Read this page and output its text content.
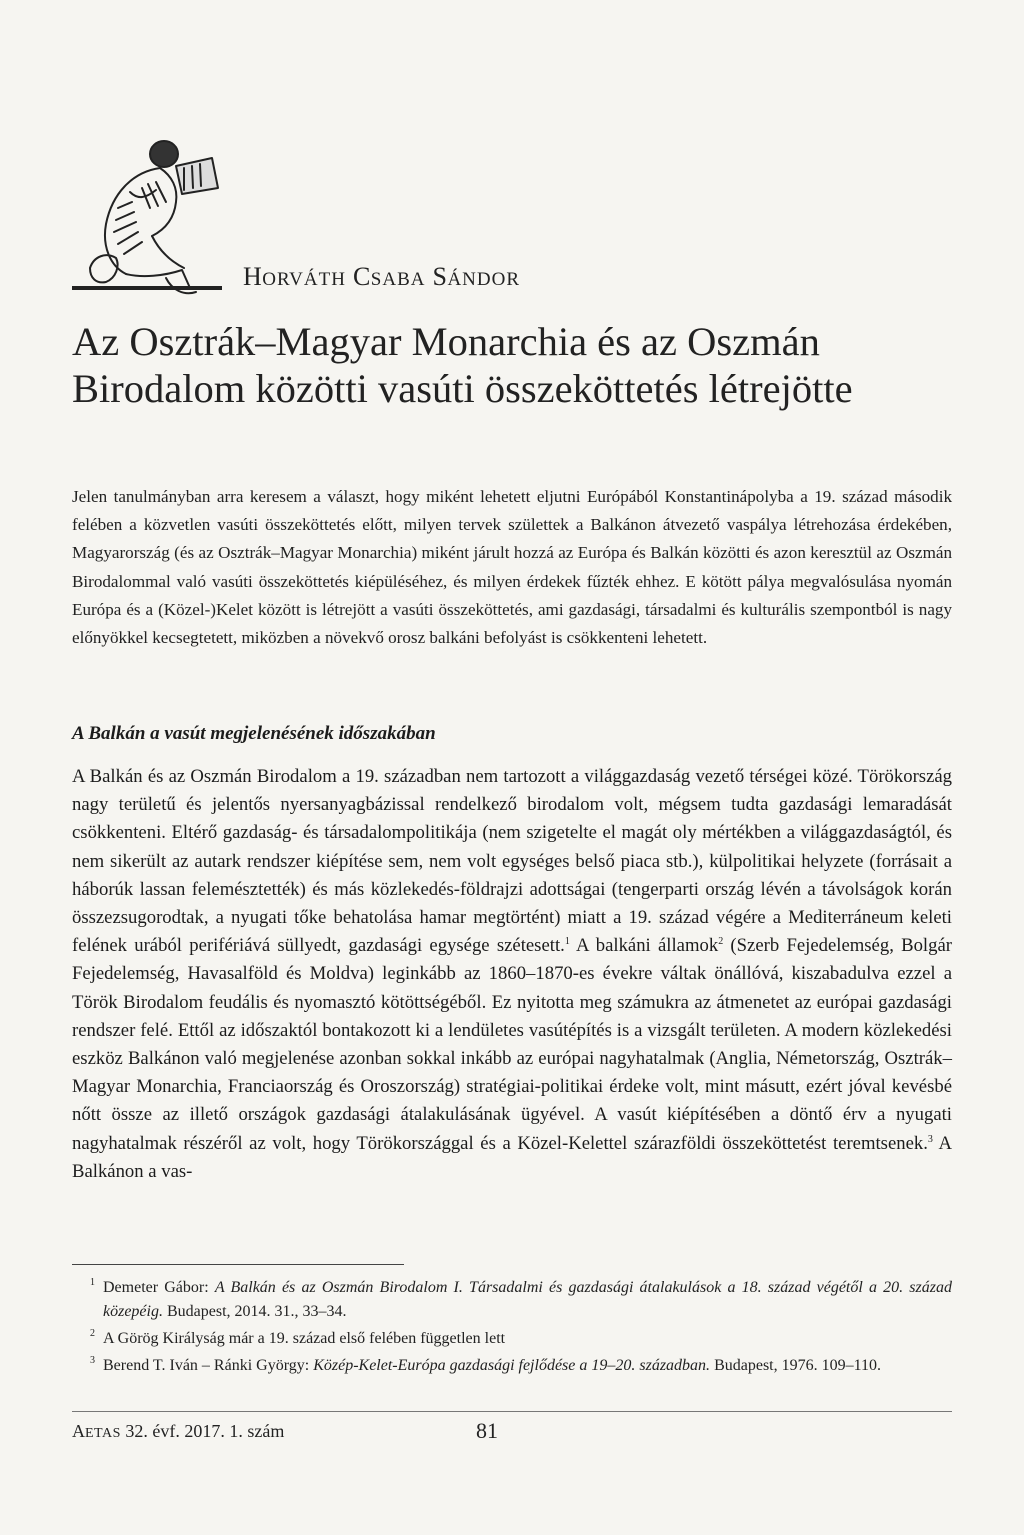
HORVÁTH CSABA SÁNDOR
Az Osztrák–Magyar Monarchia és az Oszmán Birodalom közötti vasúti összeköttetés létrejötte

Jelen tanulmányban arra keresem a választ, hogy miként lehetett eljutni Európából Konstantinápolyba a 19. század második felében a közvetlen vasúti összeköttetés előtt, milyen tervek születtek a Balkánon átvezető vaspálya létrehozása érdekében, Magyarország (és az Osztrák–Magyar Monarchia) miként járult hozzá az Európa és Balkán közötti és azon keresztül az Oszmán Birodalommal való vasúti összeköttetés kiépüléséhez, és milyen érdekek fűzték ehhez. E kötött pálya megvalósulása nyomán Európa és a (Közel-)Kelet között is létrejött a vasúti összeköttetés, ami gazdasági, társadalmi és kulturális szempontból is nagy előnyökkel kecsegtetett, miközben a növekvő orosz balkáni befolyást is csökkenteni lehetett.

A Balkán a vasút megjelenésének időszakában

A Balkán és az Oszmán Birodalom a 19. században nem tartozott a világgazdaság vezető térségei közé. Törökország nagy területű és jelentős nyersanyagbázissal rendelkező birodalom volt, mégsem tudta gazdasági lemaradását csökkenteni. Eltérő gazdaság- és társadalompolitikája (nem szigetelte el magát oly mértékben a világgazdaságtól, és nem sikerült az autark rendszer kiépítése sem, nem volt egységes belső piaca stb.), külpolitikai helyzete (forrásait a háborúk lassan felemésztették) és más közlekedés-földrajzi adottságai (tengerparti ország lévén a távolságok korán összezsugorodtak, a nyugati tőke behatolása hamar megtörtént) miatt a 19. század végére a Mediterráneum keleti felének urából perifériává süllyedt, gazdasági egysége szétesett.$^1$ A balkáni államok$^2$ (Szerb Fejedelemség, Bolgár Fejedelemség, Havasalföld és Moldva) leginkább az 1860–1870-es évekre váltak önállóvá, kiszabadulva ezzel a Török Birodalom feudális és nyomasztó kötöttségéből. Ez nyitotta meg számukra az átmenetet az európai gazdasági rendszer felé. Ettől az időszaktól bontakozott ki a lendületes vasútépítés is a vizsgált területen. A modern közlekedési eszköz Balkánon való megjelenése azonban sokkal inkább az európai nagyhatalmak (Anglia, Németország, Osztrák–Magyar Monarchia, Franciaország és Oroszország) stratégiai-politikai érdeke volt, mint másutt, ezért jóval kevésbé nőtt össze az illető országok gazdasági átalakulásának ügyével. A vasút kiépítésében a döntő érv a nyugati nagyhatalmak részéről az volt, hogy Törökországgal és a Közel-Kelettel szárazföldi összeköttetést teremtsenek.$^3$ A Balkánon a vas-

1 Demeter Gábor: A Balkán és az Oszmán Birodalom I. Társadalmi és gazdasági átalakulások a 18. század végétől a 20. század közepéig. Budapest, 2014. 31., 33–34.
2 A Görög Királyság már a 19. század első felében független lett
3 Berend T. Iván – Ránki György: Közép-Kelet-Európa gazdasági fejlődése a 19–20. században. Budapest, 1976. 109–110.
AETAS 32. évf. 2017. 1. szám	81
